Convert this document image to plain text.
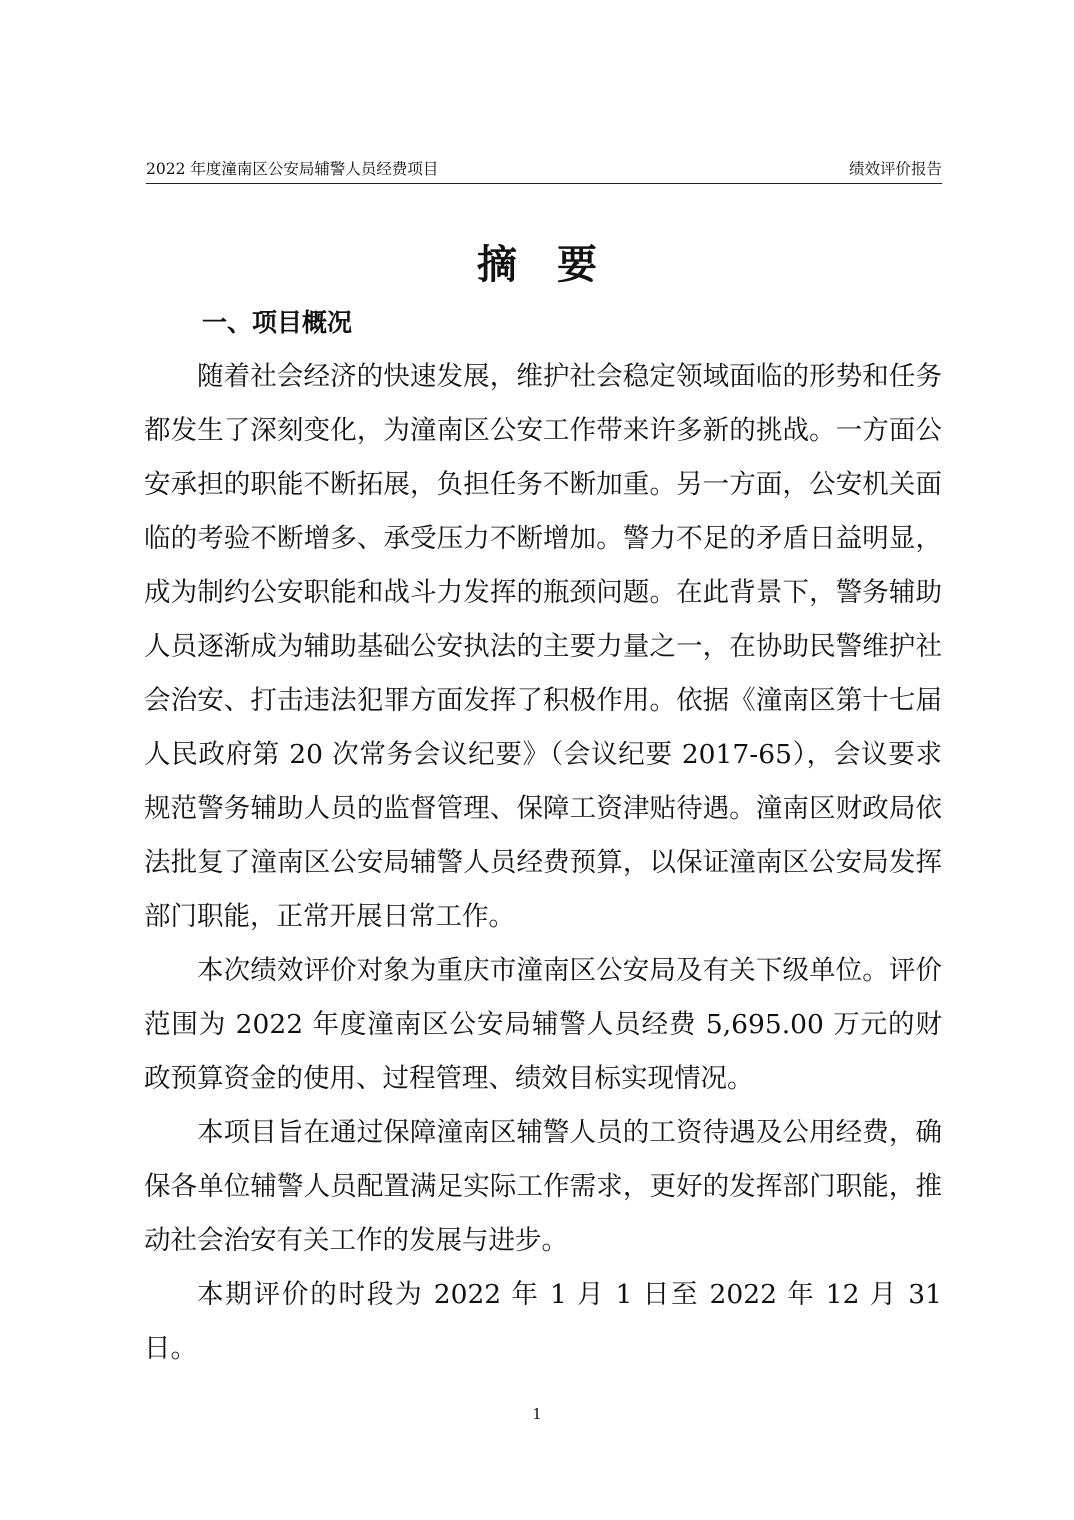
2022 年度潼南区公安局辅警人员经费项目	绩效评价报告
摘要
一、项目概况

随着社会经济的快速发展，维护社会稳定领域面临的形势和任务都发生了深刻变化，为潼南区公安工作带来许多新的挑战。一方面公安承担的职能不断拓展，负担任务不断加重。另一方面，公安机关面临的考验不断增多、承受压力不断增加。警力不足的矛盾日益明显，成为制约公安职能和战斗力发挥的瓶颈问题。在此背景下，警务辅助人员逐渐成为辅助基础公安执法的主要力量之一，在协助民警维护社会治安、打击违法犯罪方面发挥了积极作用。依据《潼南区第十七届人民政府第 20 次常务会议纪要》（会议纪要 2017-65），会议要求规范警务辅助人员的监督管理、保障工资津贴待遇。潼南区财政局依法批复了潼南区公安局辅警人员经费预算，以保证潼南区公安局发挥部门职能，正常开展日常工作。

本次绩效评价对象为重庆市潼南区公安局及有关下级单位。评价范围为 2022 年度潼南区公安局辅警人员经费 5,695.00 万元的财政预算资金的使用、过程管理、绩效目标实现情况。

本项目旨在通过保障潼南区辅警人员的工资待遇及公用经费，确保各单位辅警人员配置满足实际工作需求，更好的发挥部门职能，推动社会治安有关工作的发展与进步。

本期评价的时段为 2022 年 1 月 1 日至 2022 年 12 月 31 日。

1
